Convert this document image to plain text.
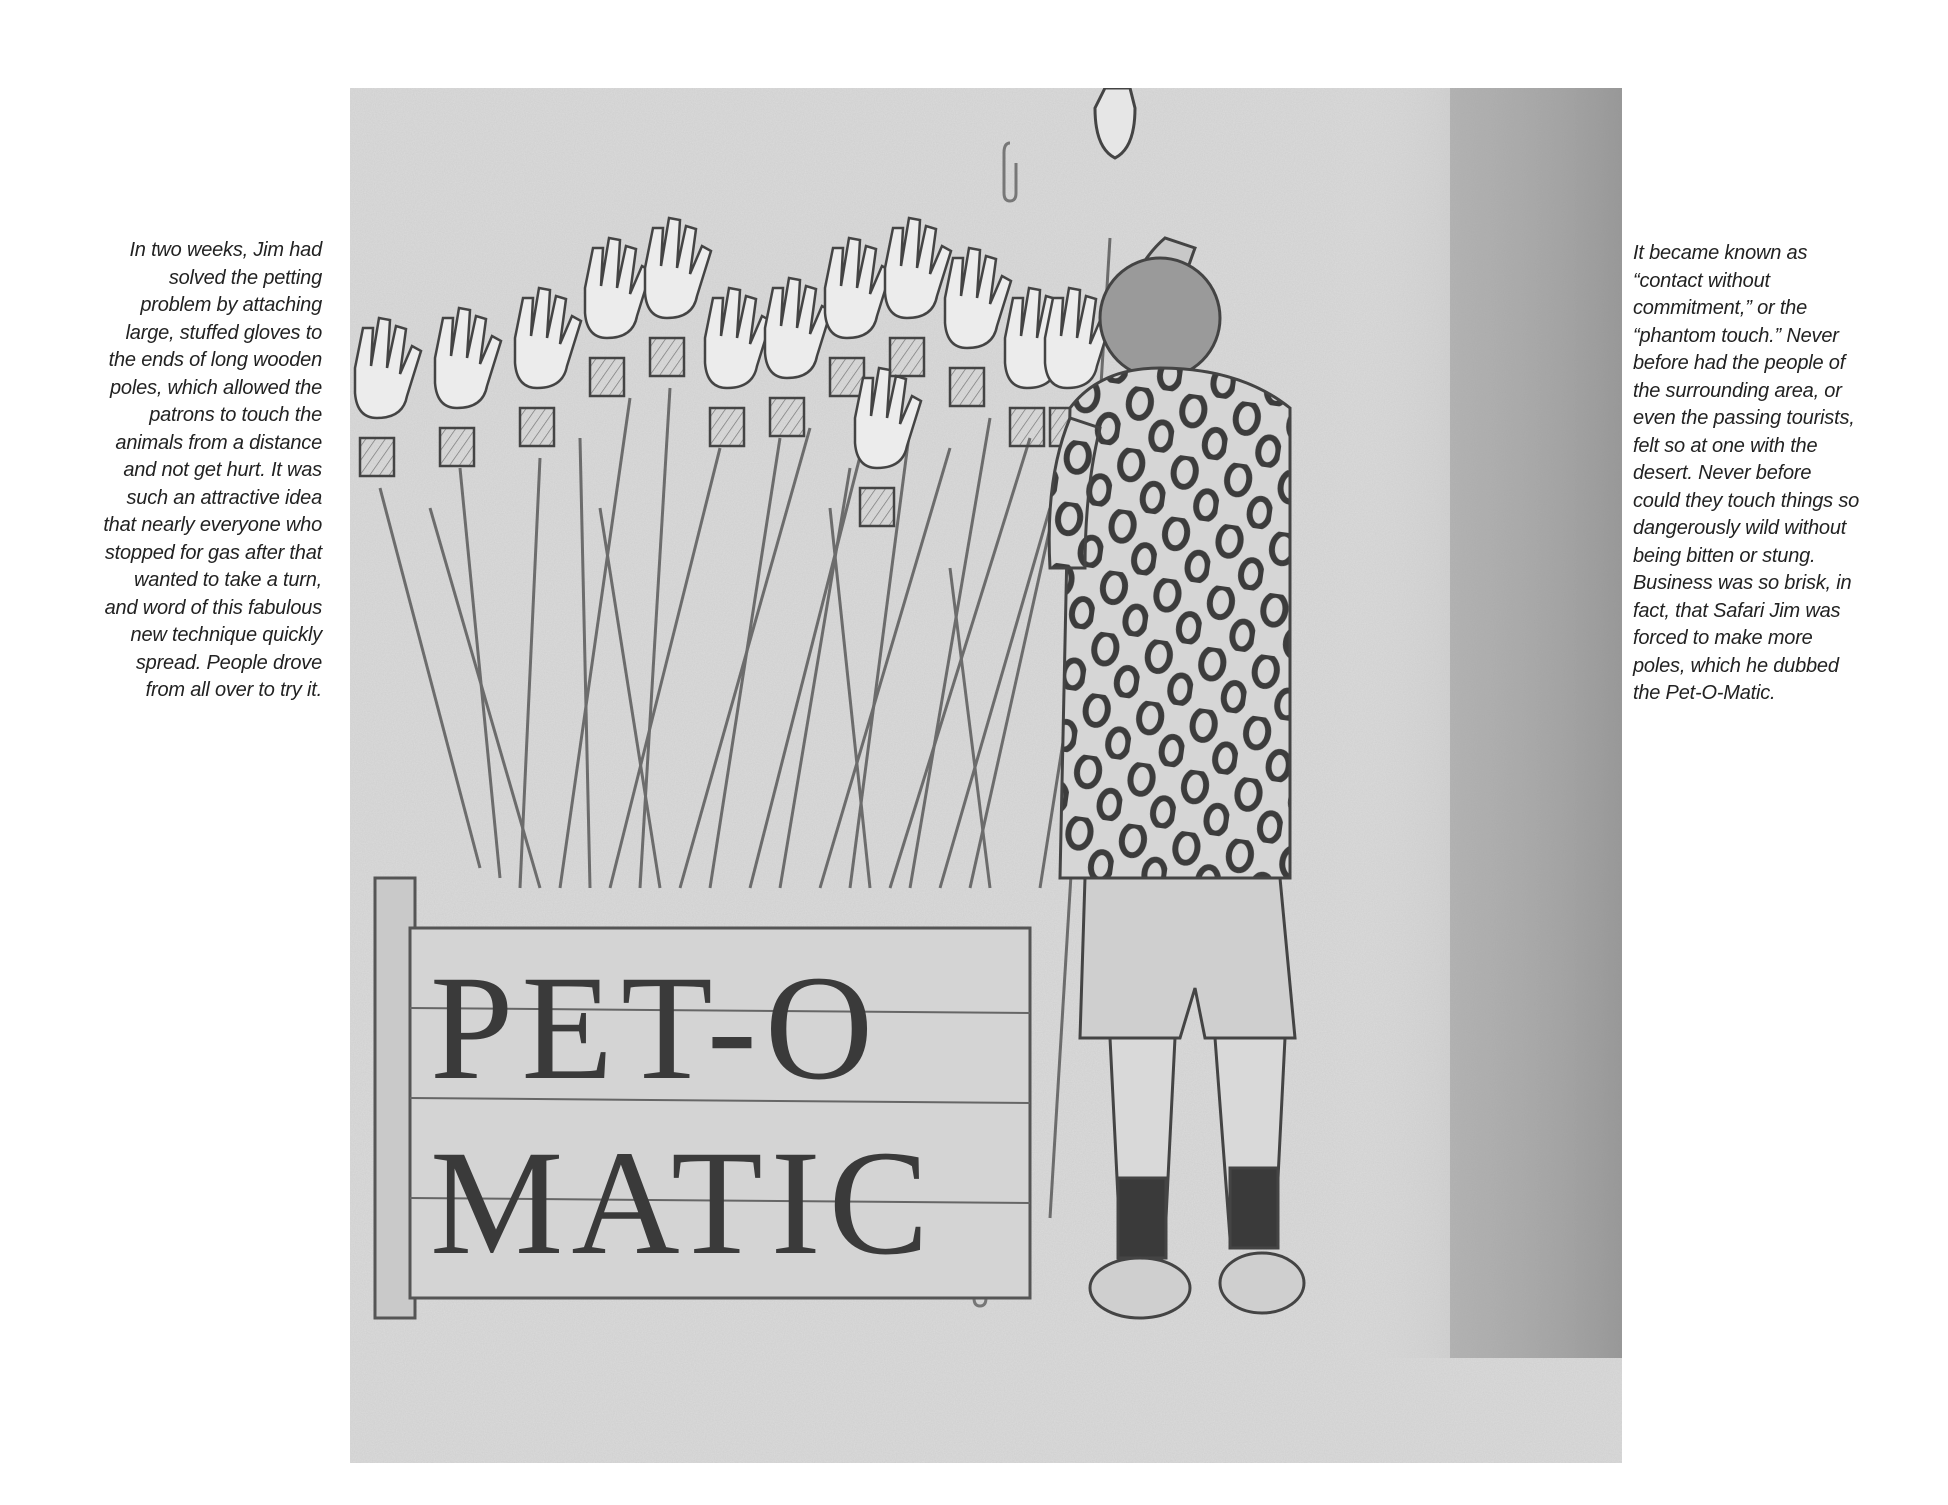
In two weeks, Jim had
solved the petting
problem by attaching
large, stuffed gloves to
the ends of long wooden
poles, which allowed the
patrons to touch the
animals from a distance
and not get hurt. It was
such an attractive idea
that nearly everyone who
stopped for gas after that
wanted to take a turn,
and word of this fabulous
new technique quickly
spread. People drove
from all over to try it.
It became known as
“contact without
commitment,” or the
“phantom touch.” Never
before had the people of
the surrounding area, or
even the passing tourists,
felt so at one with the
desert. Never before
could they touch things so
dangerously wild without
being bitten or stung.
Business was so brisk, in
fact, that Safari Jim was
forced to make more
poles, which he dubbed
the Pet-O-Matic.
PET-O
MATIC
